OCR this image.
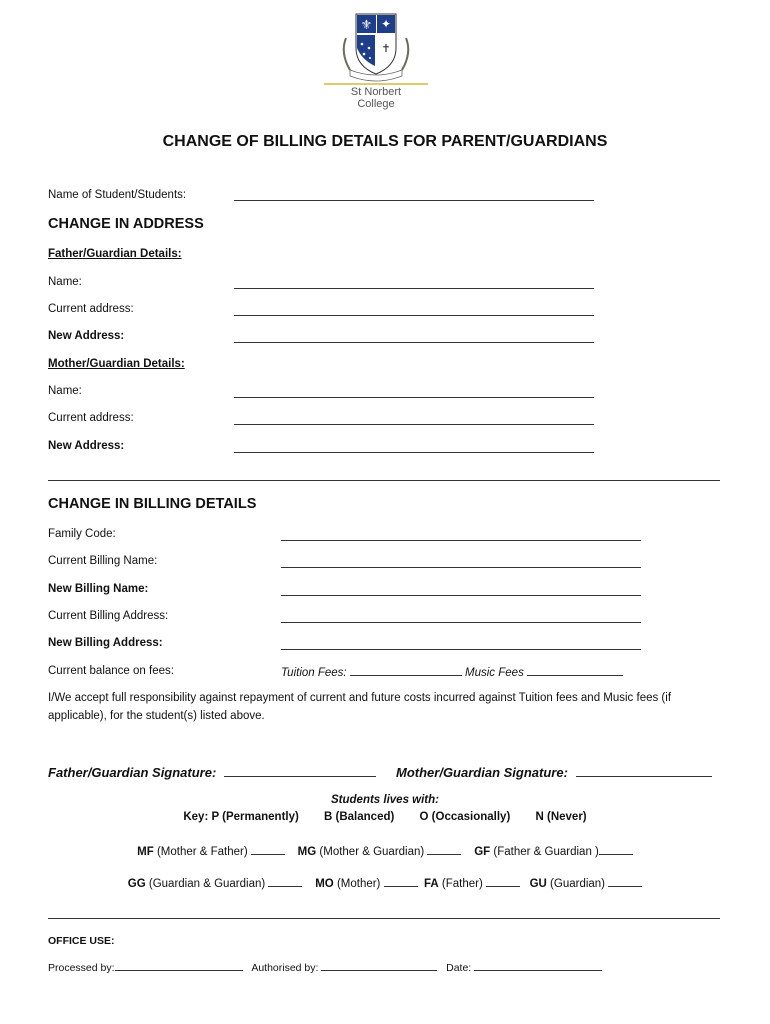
⚜ ✦
✝
St Norbert
College
CHANGE OF BILLING DETAILS FOR PARENT/GUARDIANS
Name of Student/Students:
CHANGE IN ADDRESS
Father/Guardian Details:
Name:
Current address:
New Address:
Mother/Guardian Details:
Name:
Current address:
New Address:
CHANGE IN BILLING DETAILS
Family Code:
Current Billing Name:
New Billing Name:
Current Billing Address:
New Billing Address:
Current balance on fees:	Tuition Fees:	Music Fees

I/We accept full responsibility against repayment of current and future costs incurred against Tuition fees and Music fees (if applicable), for the student(s) listed above.

Father/Guardian Signature:	Mother/Guardian Signature:
Students lives with:
Key: P (Permanently) B (Balanced) O (Occasionally) N (Never)
MF (Mother & Father)	MG (Mother & Guardian)	GF (Father & Guardian )
GG (Guardian & Guardian)	MO (Mother)	FA (Father)	GU (Guardian)
OFFICE USE:
Processed by:	Authorised by:	Date:
